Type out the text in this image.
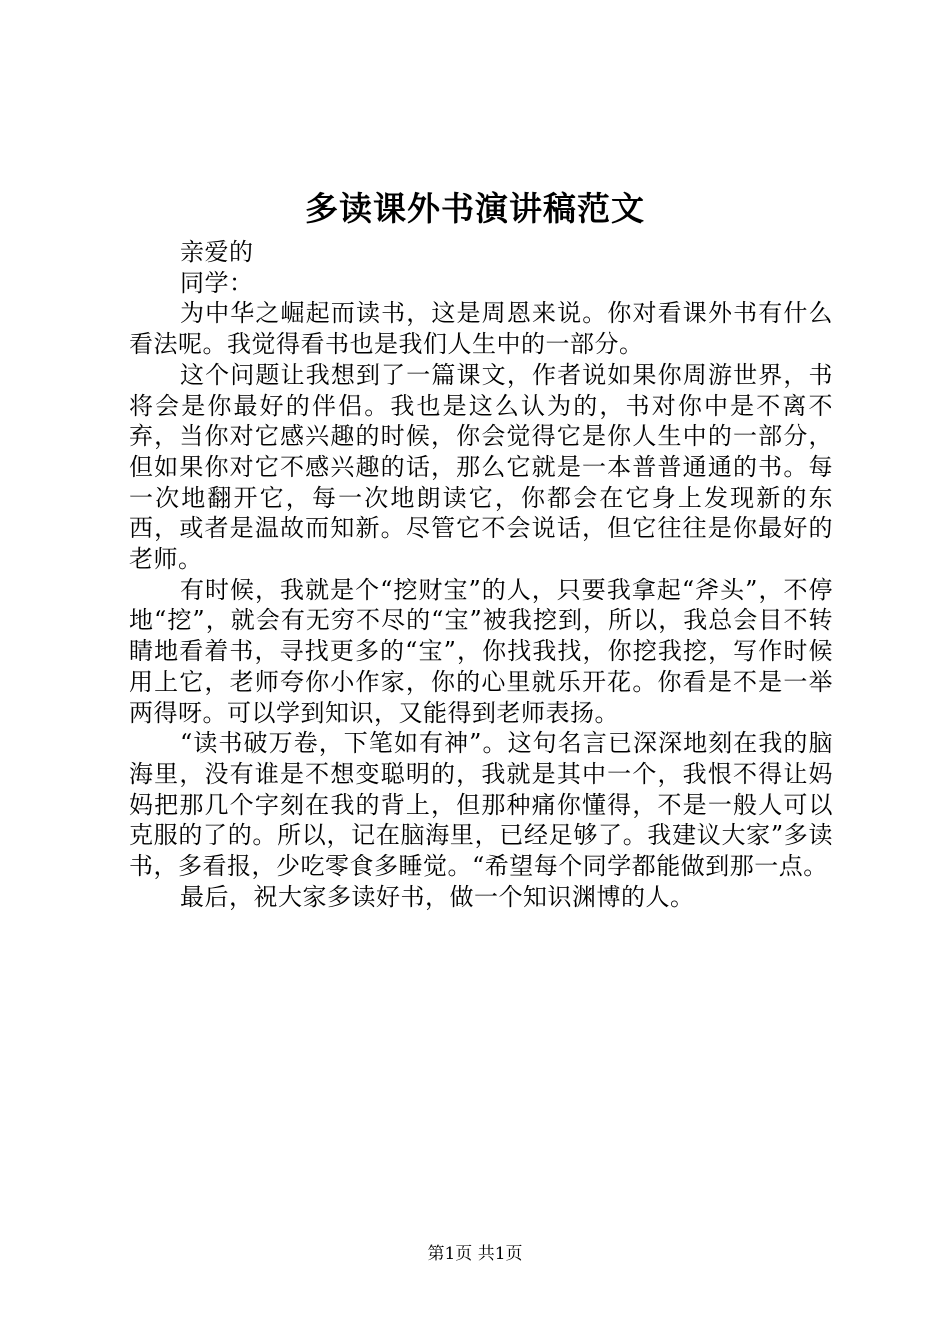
多读课外书演讲稿范文

亲爱的

同学：

为中华之崛起而读书，这是周恩来说。你对看课外书有什么看法呢。我觉得看书也是我们人生中的一部分。

这个问题让我想到了一篇课文，作者说如果你周游世界，书将会是你最好的伴侣。我也是这么认为的，书对你中是不离不弃，当你对它感兴趣的时候，你会觉得它是你人生中的一部分，但如果你对它不感兴趣的话，那么它就是一本普普通通的书。每一次地翻开它，每一次地朗读它，你都会在它身上发现新的东西，或者是温故而知新。尽管它不会说话，但它往往是你最好的老师。

有时候，我就是个“挖财宝”的人，只要我拿起“斧头”，不停地“挖”，就会有无穷不尽的“宝”被我挖到，所以，我总会目不转睛地看着书，寻找更多的“宝”，你找我找，你挖我挖，写作时候用上它，老师夸你小作家，你的心里就乐开花。你看是不是一举两得呀。可以学到知识，又能得到老师表扬。

“读书破万卷，下笔如有神”。这句名言已深深地刻在我的脑海里，没有谁是不想变聪明的，我就是其中一个，我恨不得让妈妈把那几个字刻在我的背上，但那种痛你懂得，不是一般人可以克服的了的。所以，记在脑海里，已经足够了。我建议大家”多读书，多看报，少吃零食多睡觉。“希望每个同学都能做到那一点。

最后，祝大家多读好书，做一个知识渊博的人。

第1页 共1页
